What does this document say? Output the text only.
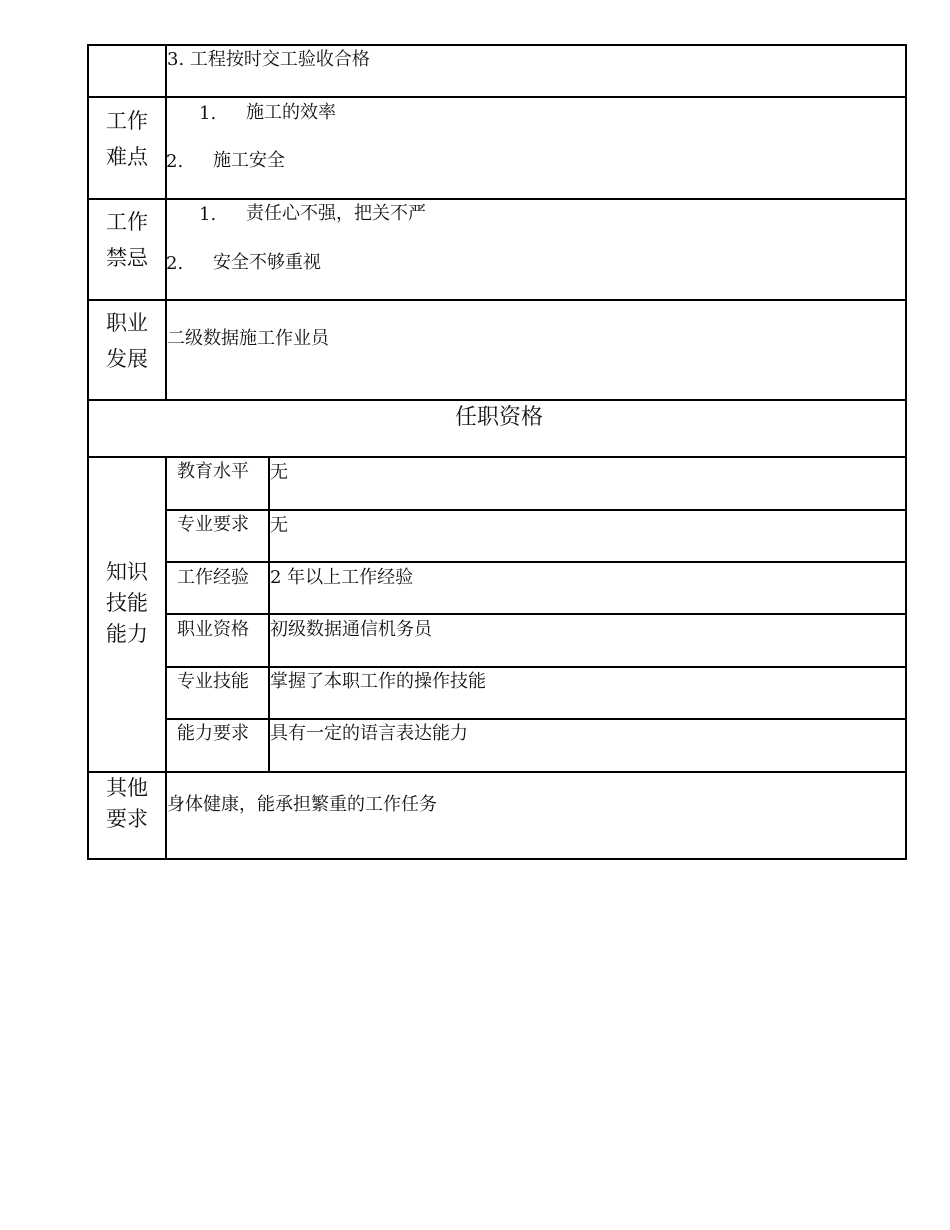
3. 工程按时交工验收合格
工作
难点
1. 施工的效率
2. 施工安全
工作
禁忌
1. 责任心不强，把关不严
2. 安全不够重视
职业
发展
二级数据施工作业员
任职资格
知识
技能
能力
教育水平 无
专业要求 无
工作经验 2 年以上工作经验
职业资格 初级数据通信机务员
专业技能 掌握了本职工作的操作技能
能力要求 具有一定的语言表达能力
其他
要求
身体健康，能承担繁重的工作任务
